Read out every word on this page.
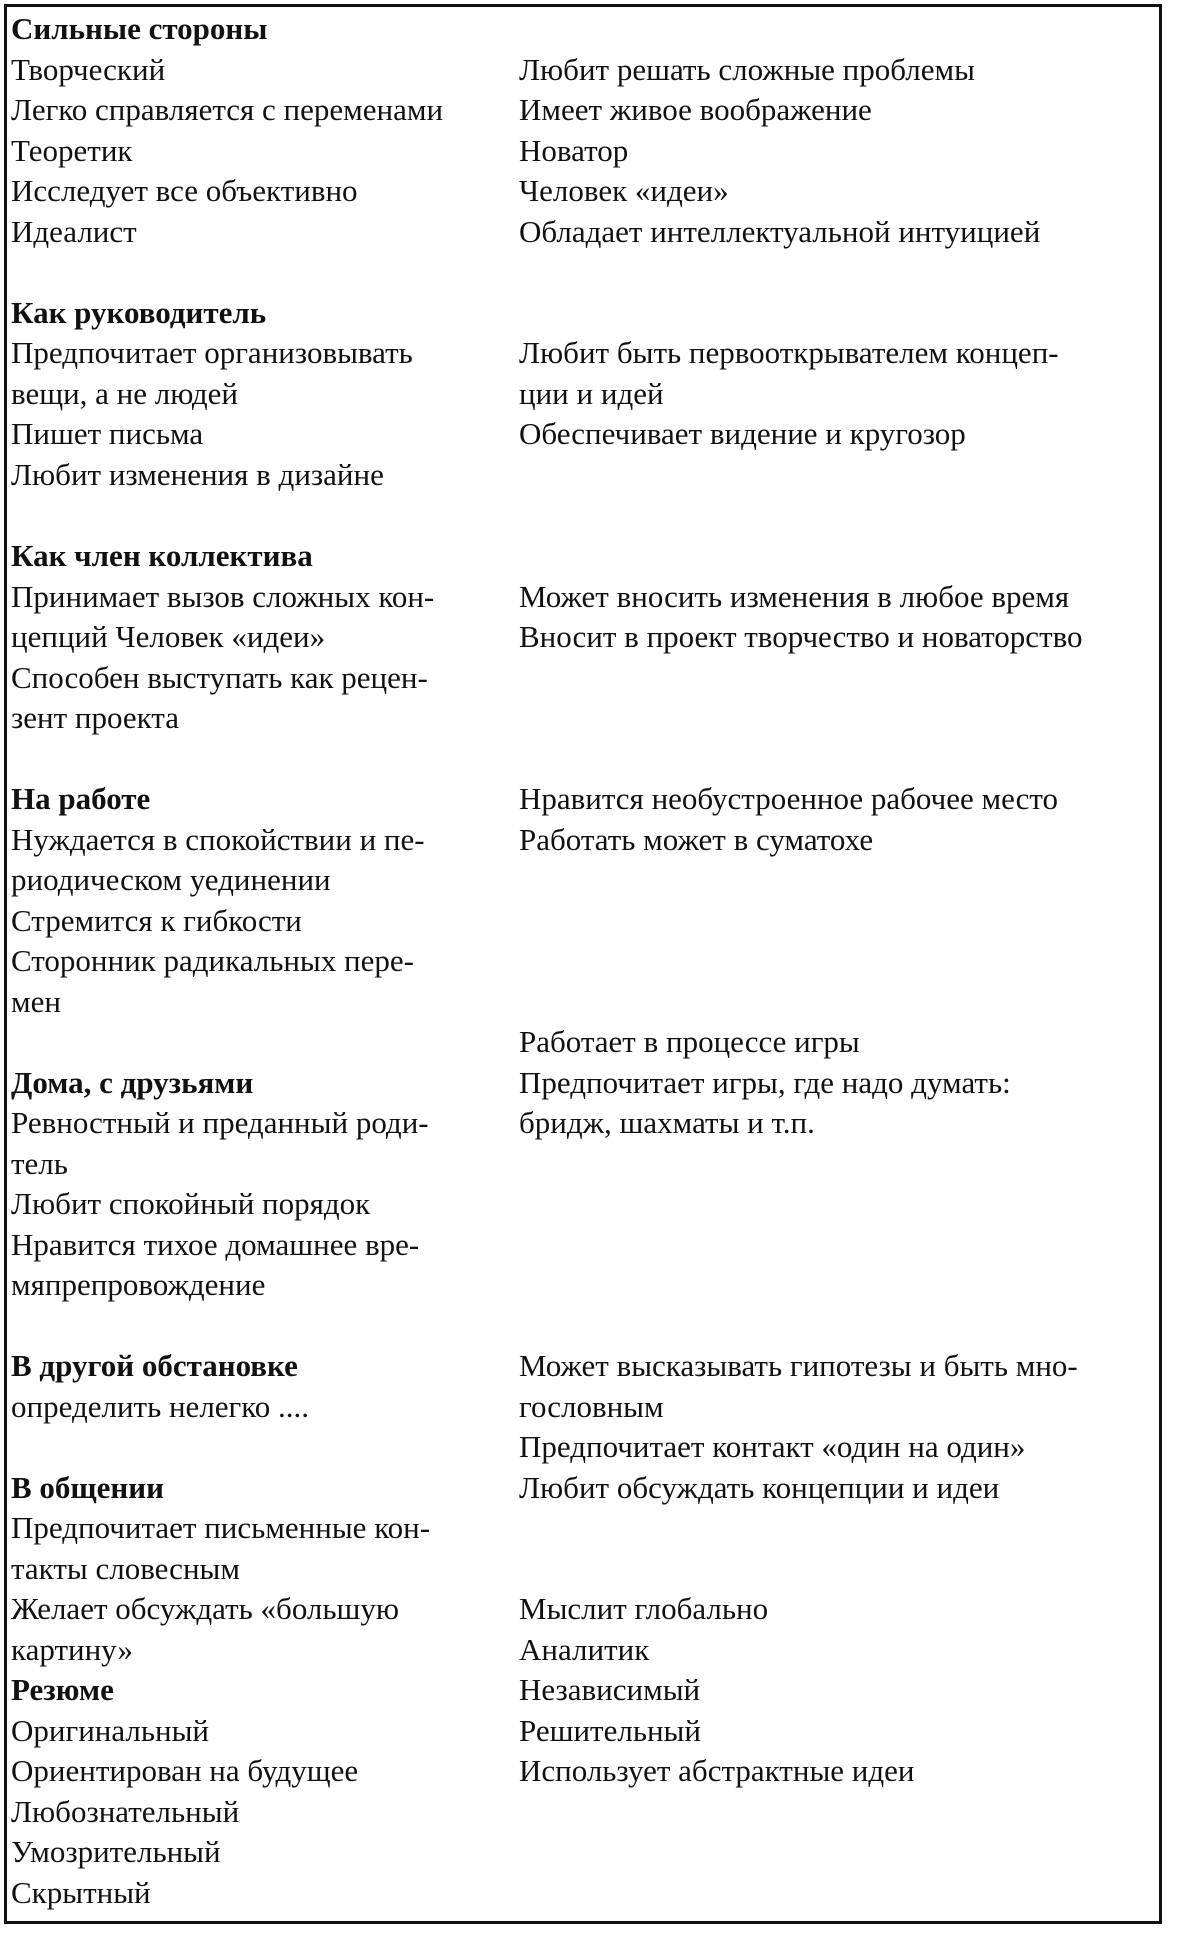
Сильные стороны
Творческий
Легко справляется с переменами
Теоретик
Исследует все объективно
Идеалист
Любит решать сложные проблемы
Имеет живое воображение
Новатор
Человек «идеи»
Обладает интеллектуальной интуицией
Как руководитель
Предпочитает организовывать
вещи, а не людей
Пишет письма
Любит изменения в дизайне
Любит быть первооткрывателем концеп-
ции и идей
Обеспечивает видение и кругозор
Как член коллектива
Принимает вызов сложных кон-
цепций Человек «идеи»
Способен выступать как рецен-
зент проекта
Может вносить изменения в любое время
Вносит в проект творчество и новаторство
На работе
Нуждается в спокойствии и пе-
риодическом уединении
Стремится к гибкости
Сторонник радикальных пере-
мен
Нравится необустроенное рабочее место
Работать может в суматохе
Работает в процессе игры
Дома, с друзьями
Ревностный и преданный роди-
тель
Любит спокойный порядок
Нравится тихое домашнее вре-
мяпрепровождение
Предпочитает игры, где надо думать:
бридж, шахматы и т.п.
В другой обстановке
определить нелегко ....
Может высказывать гипотезы и быть мно-
гословным
Предпочитает контакт «один на один»
В общении
Предпочитает письменные кон-
такты словесным
Желает обсуждать «большую
картину»
Любит обсуждать концепции и идеи
Резюме
Оригинальный
Ориентирован на будущее
Любознательный
Умозрительный
Скрытный
Мыслит глобально
Аналитик
Независимый
Решительный
Использует абстрактные идеи
